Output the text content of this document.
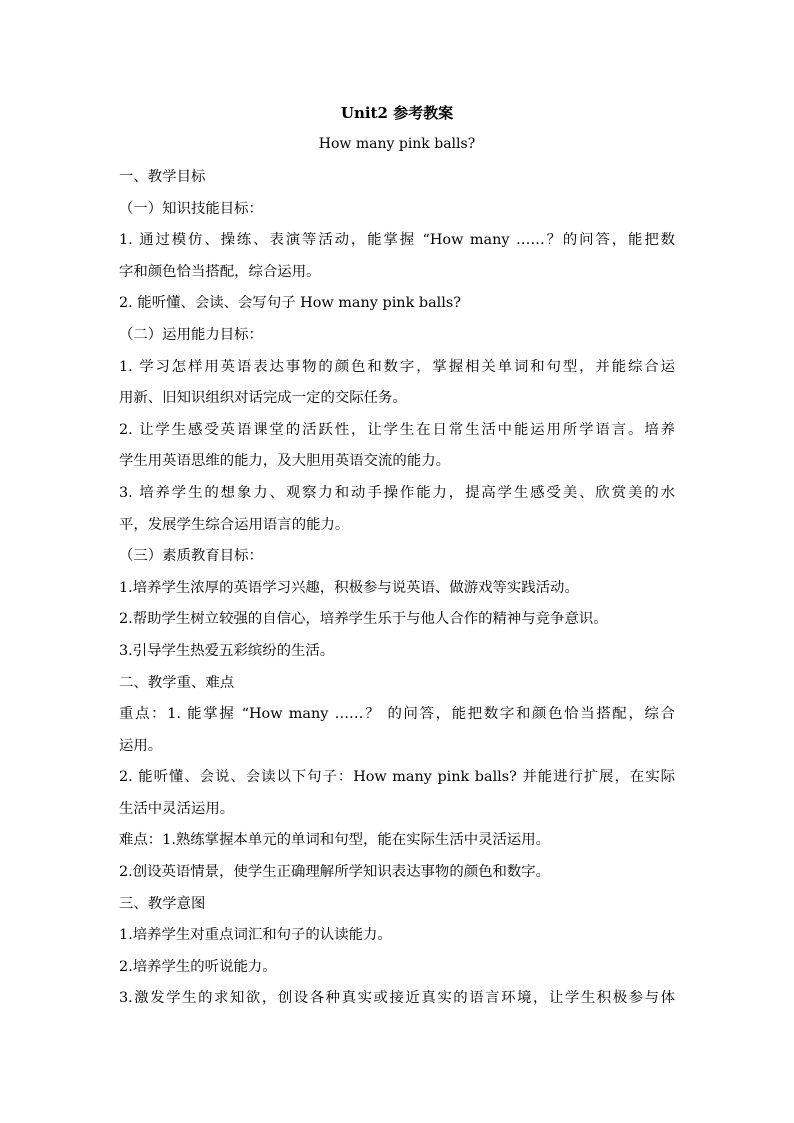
Unit2 参考教案
How many pink balls?
一、教学目标
（一）知识技能目标：
1. 通过模仿、操练、表演等活动，能掌握 “How many ……？的问答，能把数
字和颜色恰当搭配，综合运用。
2. 能听懂、会读、会写句子 How many pink balls?
（二）运用能力目标：
1. 学习怎样用英语表达事物的颜色和数字，掌握相关单词和句型，并能综合运
用新、旧知识组织对话完成一定的交际任务。
2. 让学生感受英语课堂的活跃性，让学生在日常生活中能运用所学语言。培养
学生用英语思维的能力，及大胆用英语交流的能力。
3. 培养学生的想象力、观察力和动手操作能力，提高学生感受美、欣赏美的水
平，发展学生综合运用语言的能力。
（三）素质教育目标：
1.培养学生浓厚的英语学习兴趣，积极参与说英语、做游戏等实践活动。
2.帮助学生树立较强的自信心，培养学生乐于与他人合作的精神与竞争意识。
3.引导学生热爱五彩缤纷的生活。
二、教学重、难点
重点：1. 能掌握 “How many ……？ 的问答，能把数字和颜色恰当搭配，综合
运用。
2. 能听懂、会说、会读以下句子：How many pink balls? 并能进行扩展，在实际
生活中灵活运用。
难点：1.熟练掌握本单元的单词和句型，能在实际生活中灵活运用。
2.创设英语情景，使学生正确理解所学知识表达事物的颜色和数字。
三、教学意图
1.培养学生对重点词汇和句子的认读能力。
2.培养学生的听说能力。
3.激发学生的求知欲，创设各种真实或接近真实的语言环境，让学生积极参与体
